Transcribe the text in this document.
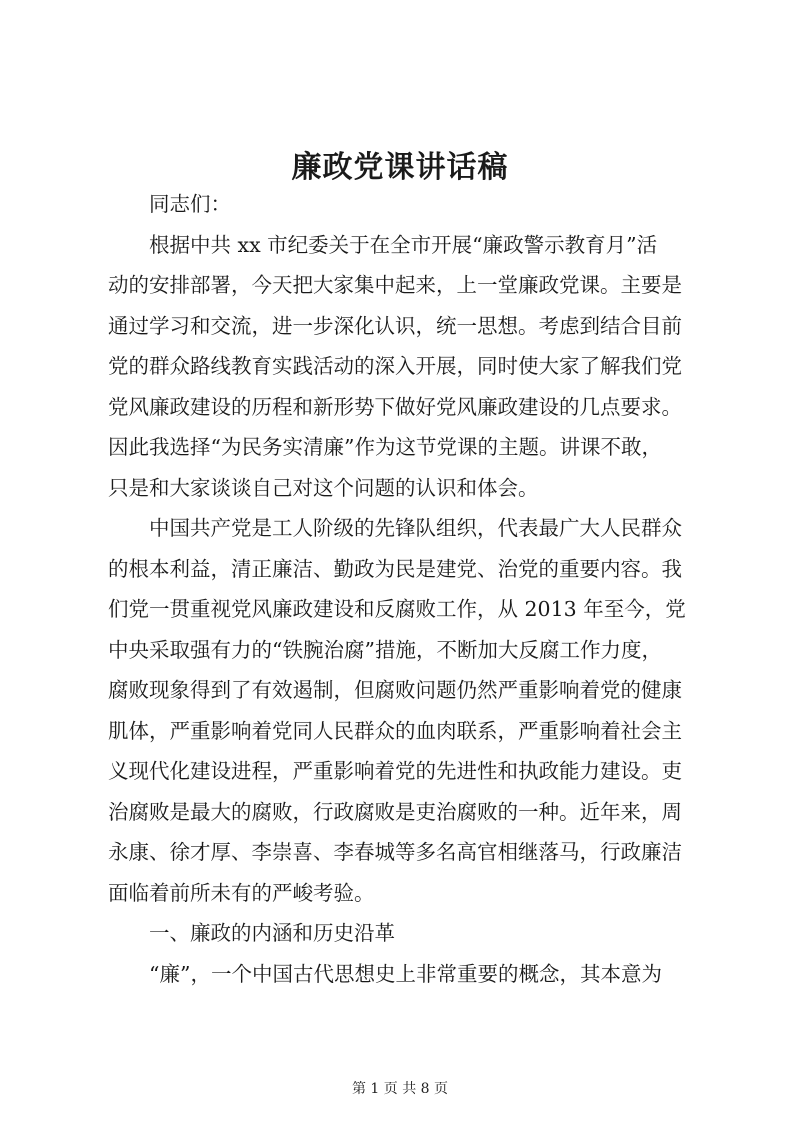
廉政党课讲话稿

同志们：

根据中共 xx 市纪委关于在全市开展“廉政警示教育月”活
动的安排部署，今天把大家集中起来，上一堂廉政党课。主要是
通过学习和交流，进一步深化认识，统一思想。考虑到结合目前
党的群众路线教育实践活动的深入开展，同时使大家了解我们党
党风廉政建设的历程和新形势下做好党风廉政建设的几点要求。
因此我选择“为民务实清廉”作为这节党课的主题。讲课不敢，
只是和大家谈谈自己对这个问题的认识和体会。

中国共产党是工人阶级的先锋队组织，代表最广大人民群众
的根本利益，清正廉洁、勤政为民是建党、治党的重要内容。我
们党一贯重视党风廉政建设和反腐败工作，从 2013 年至今，党
中央采取强有力的“铁腕治腐”措施，不断加大反腐工作力度，
腐败现象得到了有效遏制，但腐败问题仍然严重影响着党的健康
肌体，严重影响着党同人民群众的血肉联系，严重影响着社会主
义现代化建设进程，严重影响着党的先进性和执政能力建设。吏
治腐败是最大的腐败，行政腐败是吏治腐败的一种。近年来，周
永康、徐才厚、李崇喜、李春城等多名高官相继落马，行政廉洁
面临着前所未有的严峻考验。

一、廉政的内涵和历史沿革

“廉”，一个中国古代思想史上非常重要的概念，其本意为

第 1 页 共 8 页
